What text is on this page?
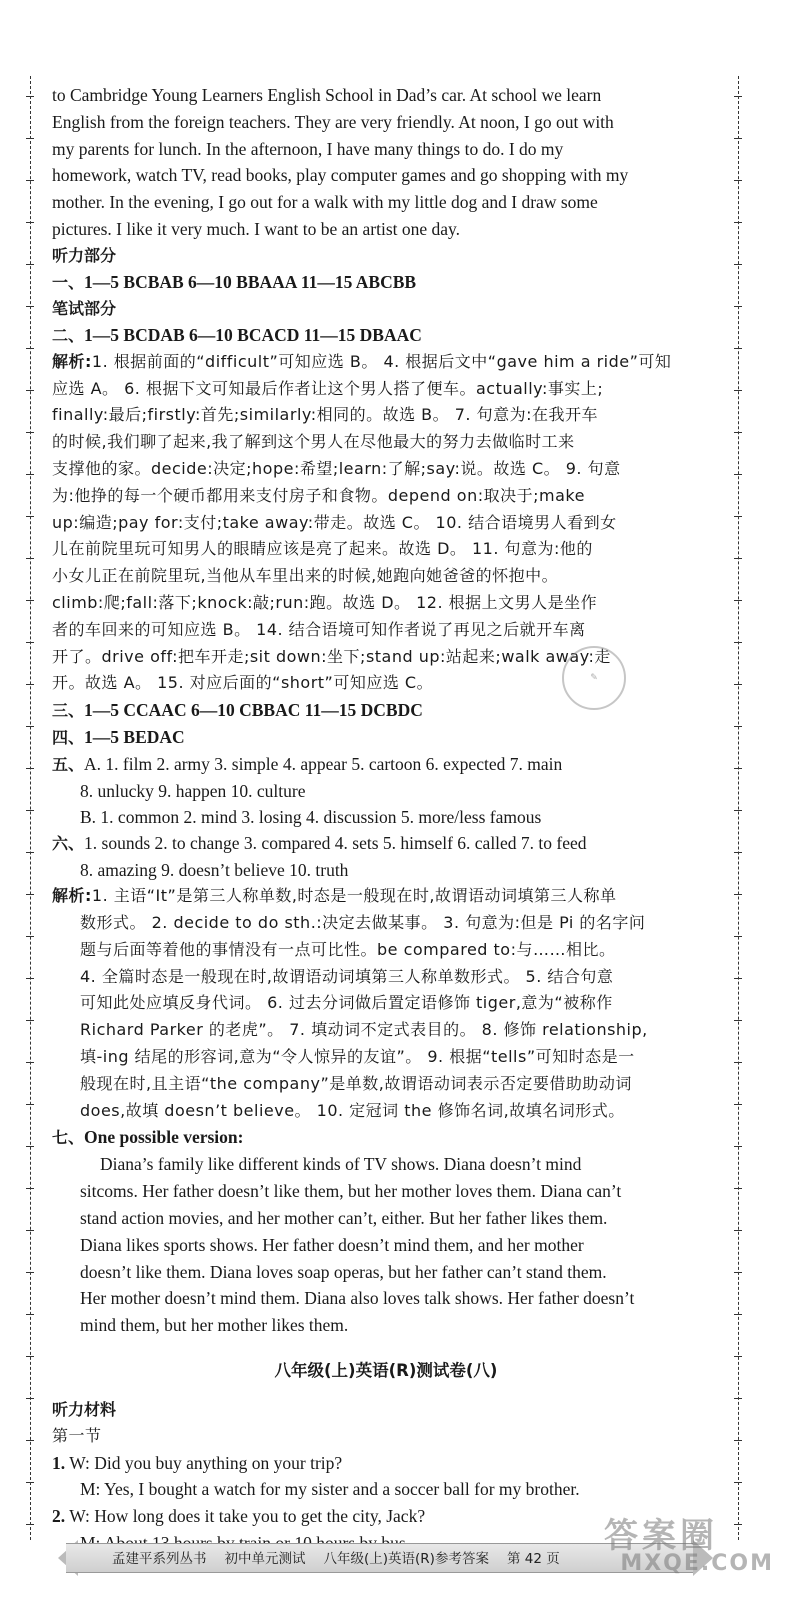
to Cambridge Young Learners English School in Dad’s car. At school we learn

English from the foreign teachers. They are very friendly. At noon, I go out with

my parents for lunch. In the afternoon, I have many things to do. I do my

homework, watch TV, read books, play computer games and go shopping with my

mother. In the evening, I go out for a walk with my little dog and I draw some

pictures. I like it very much. I want to be an artist one day.

听力部分

一、1—5 BCBAB 6—10 BBAAA 11—15 ABCBB

笔试部分

二、1—5 BCDAB 6—10 BCACD 11—15 DBAAC

解析:1. 根据前面的“difficult”可知应选 B。 4. 根据后文中“gave him a ride”可知

应选 A。 6. 根据下文可知最后作者让这个男人搭了便车。actually:事实上;

finally:最后;firstly:首先;similarly:相同的。故选 B。 7. 句意为:在我开车

的时候,我们聊了起来,我了解到这个男人在尽他最大的努力去做临时工来

支撑他的家。decide:决定;hope:希望;learn:了解;say:说。故选 C。 9. 句意

为:他挣的每一个硬币都用来支付房子和食物。depend on:取决于;make

up:编造;pay for:支付;take away:带走。故选 C。 10. 结合语境男人看到女

儿在前院里玩可知男人的眼睛应该是亮了起来。故选 D。 11. 句意为:他的

小女儿正在前院里玩,当他从车里出来的时候,她跑向她爸爸的怀抱中。

climb:爬;fall:落下;knock:敲;run:跑。故选 D。 12. 根据上文男人是坐作

者的车回来的可知应选 B。 14. 结合语境可知作者说了再见之后就开车离

开了。drive off:把车开走;sit down:坐下;stand up:站起来;walk away:走

开。故选 A。 15. 对应后面的“short”可知应选 C。

三、1—5 CCAAC 6—10 CBBAC 11—15 DCBDC

四、1—5 BEDAC

五、A. 1. film 2. army 3. simple 4. appear 5. cartoon 6. expected 7. main

8. unlucky 9. happen 10. culture

B. 1. common 2. mind 3. losing 4. discussion 5. more/less famous

六、1. sounds 2. to change 3. compared 4. sets 5. himself 6. called 7. to feed

8. amazing 9. doesn’t believe 10. truth

解析:1. 主语“It”是第三人称单数,时态是一般现在时,故谓语动词填第三人称单

数形式。 2. decide to do sth.:决定去做某事。 3. 句意为:但是 Pi 的名字问

题与后面等着他的事情没有一点可比性。be compared to:与……相比。

4. 全篇时态是一般现在时,故谓语动词填第三人称单数形式。 5. 结合句意

可知此处应填反身代词。 6. 过去分词做后置定语修饰 tiger,意为“被称作

Richard Parker 的老虎”。 7. 填动词不定式表目的。 8. 修饰 relationship,

填-ing 结尾的形容词,意为“令人惊异的友谊”。 9. 根据“tells”可知时态是一

般现在时,且主语“the company”是单数,故谓语动词表示否定要借助助动词

does,故填 doesn’t believe。 10. 定冠词 the 修饰名词,故填名词形式。

七、One possible version:

Diana’s family like different kinds of TV shows. Diana doesn’t mind

sitcoms. Her father doesn’t like them, but her mother loves them. Diana can’t

stand action movies, and her mother can’t, either. But her father likes them.

Diana likes sports shows. Her father doesn’t mind them, and her mother

doesn’t like them. Diana loves soap operas, but her father can’t stand them.

Her mother doesn’t mind them. Diana also loves talk shows. Her father doesn’t

mind them, but her mother likes them.

八年级(上)英语(R)测试卷(八)

听力材料

第一节

1. W: Did you buy anything on your trip?

M: Yes, I bought a watch for my sister and a soccer ball for my brother.

2. W: How long does it take you to get the city, Jack?

✎
孟建平系列丛书 初中单元测试 八年级(上)英语(R)参考答案 第 42 页
答案圈
MXQE.COM
